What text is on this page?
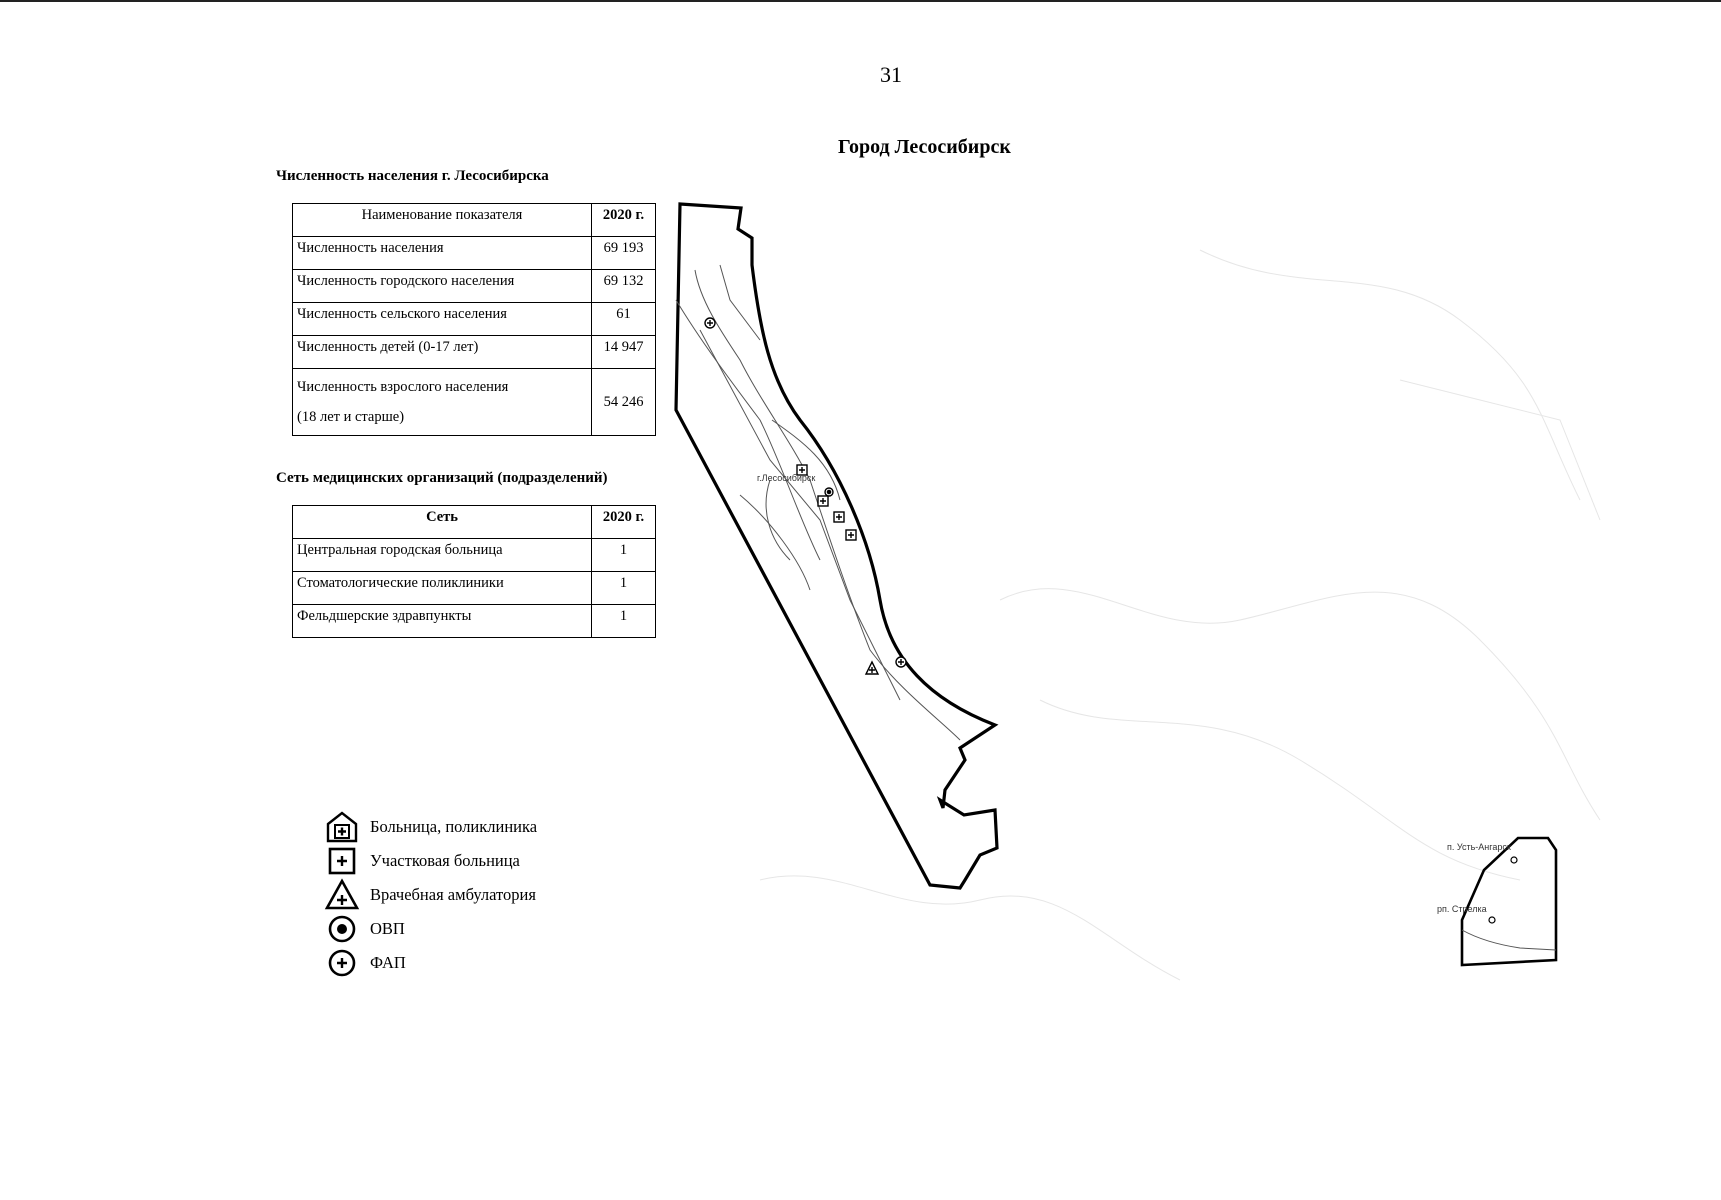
31
Город Лесосибирск
Численность населения г. Лесосибирска
Наименование показателя	2020 г.
Численность населения	69 193
Численность городского населения	69 132
Численность сельского населения	61
Численность детей (0-17 лет)	14 947

Численность взрослого населения
(18 лет и старше)	54 246
Сеть медицинских организаций (подразделений)
Сеть	2020 г.
Центральная городская больница	1
Стоматологические поликлиники	1
Фельдшерские здравпункты	1
г.Лесосибирск
п. Усть-Ангарск
рп. Стрелка
Больница, поликлиника
Участковая больница
Врачебная амбулатория
ОВП
ФАП
